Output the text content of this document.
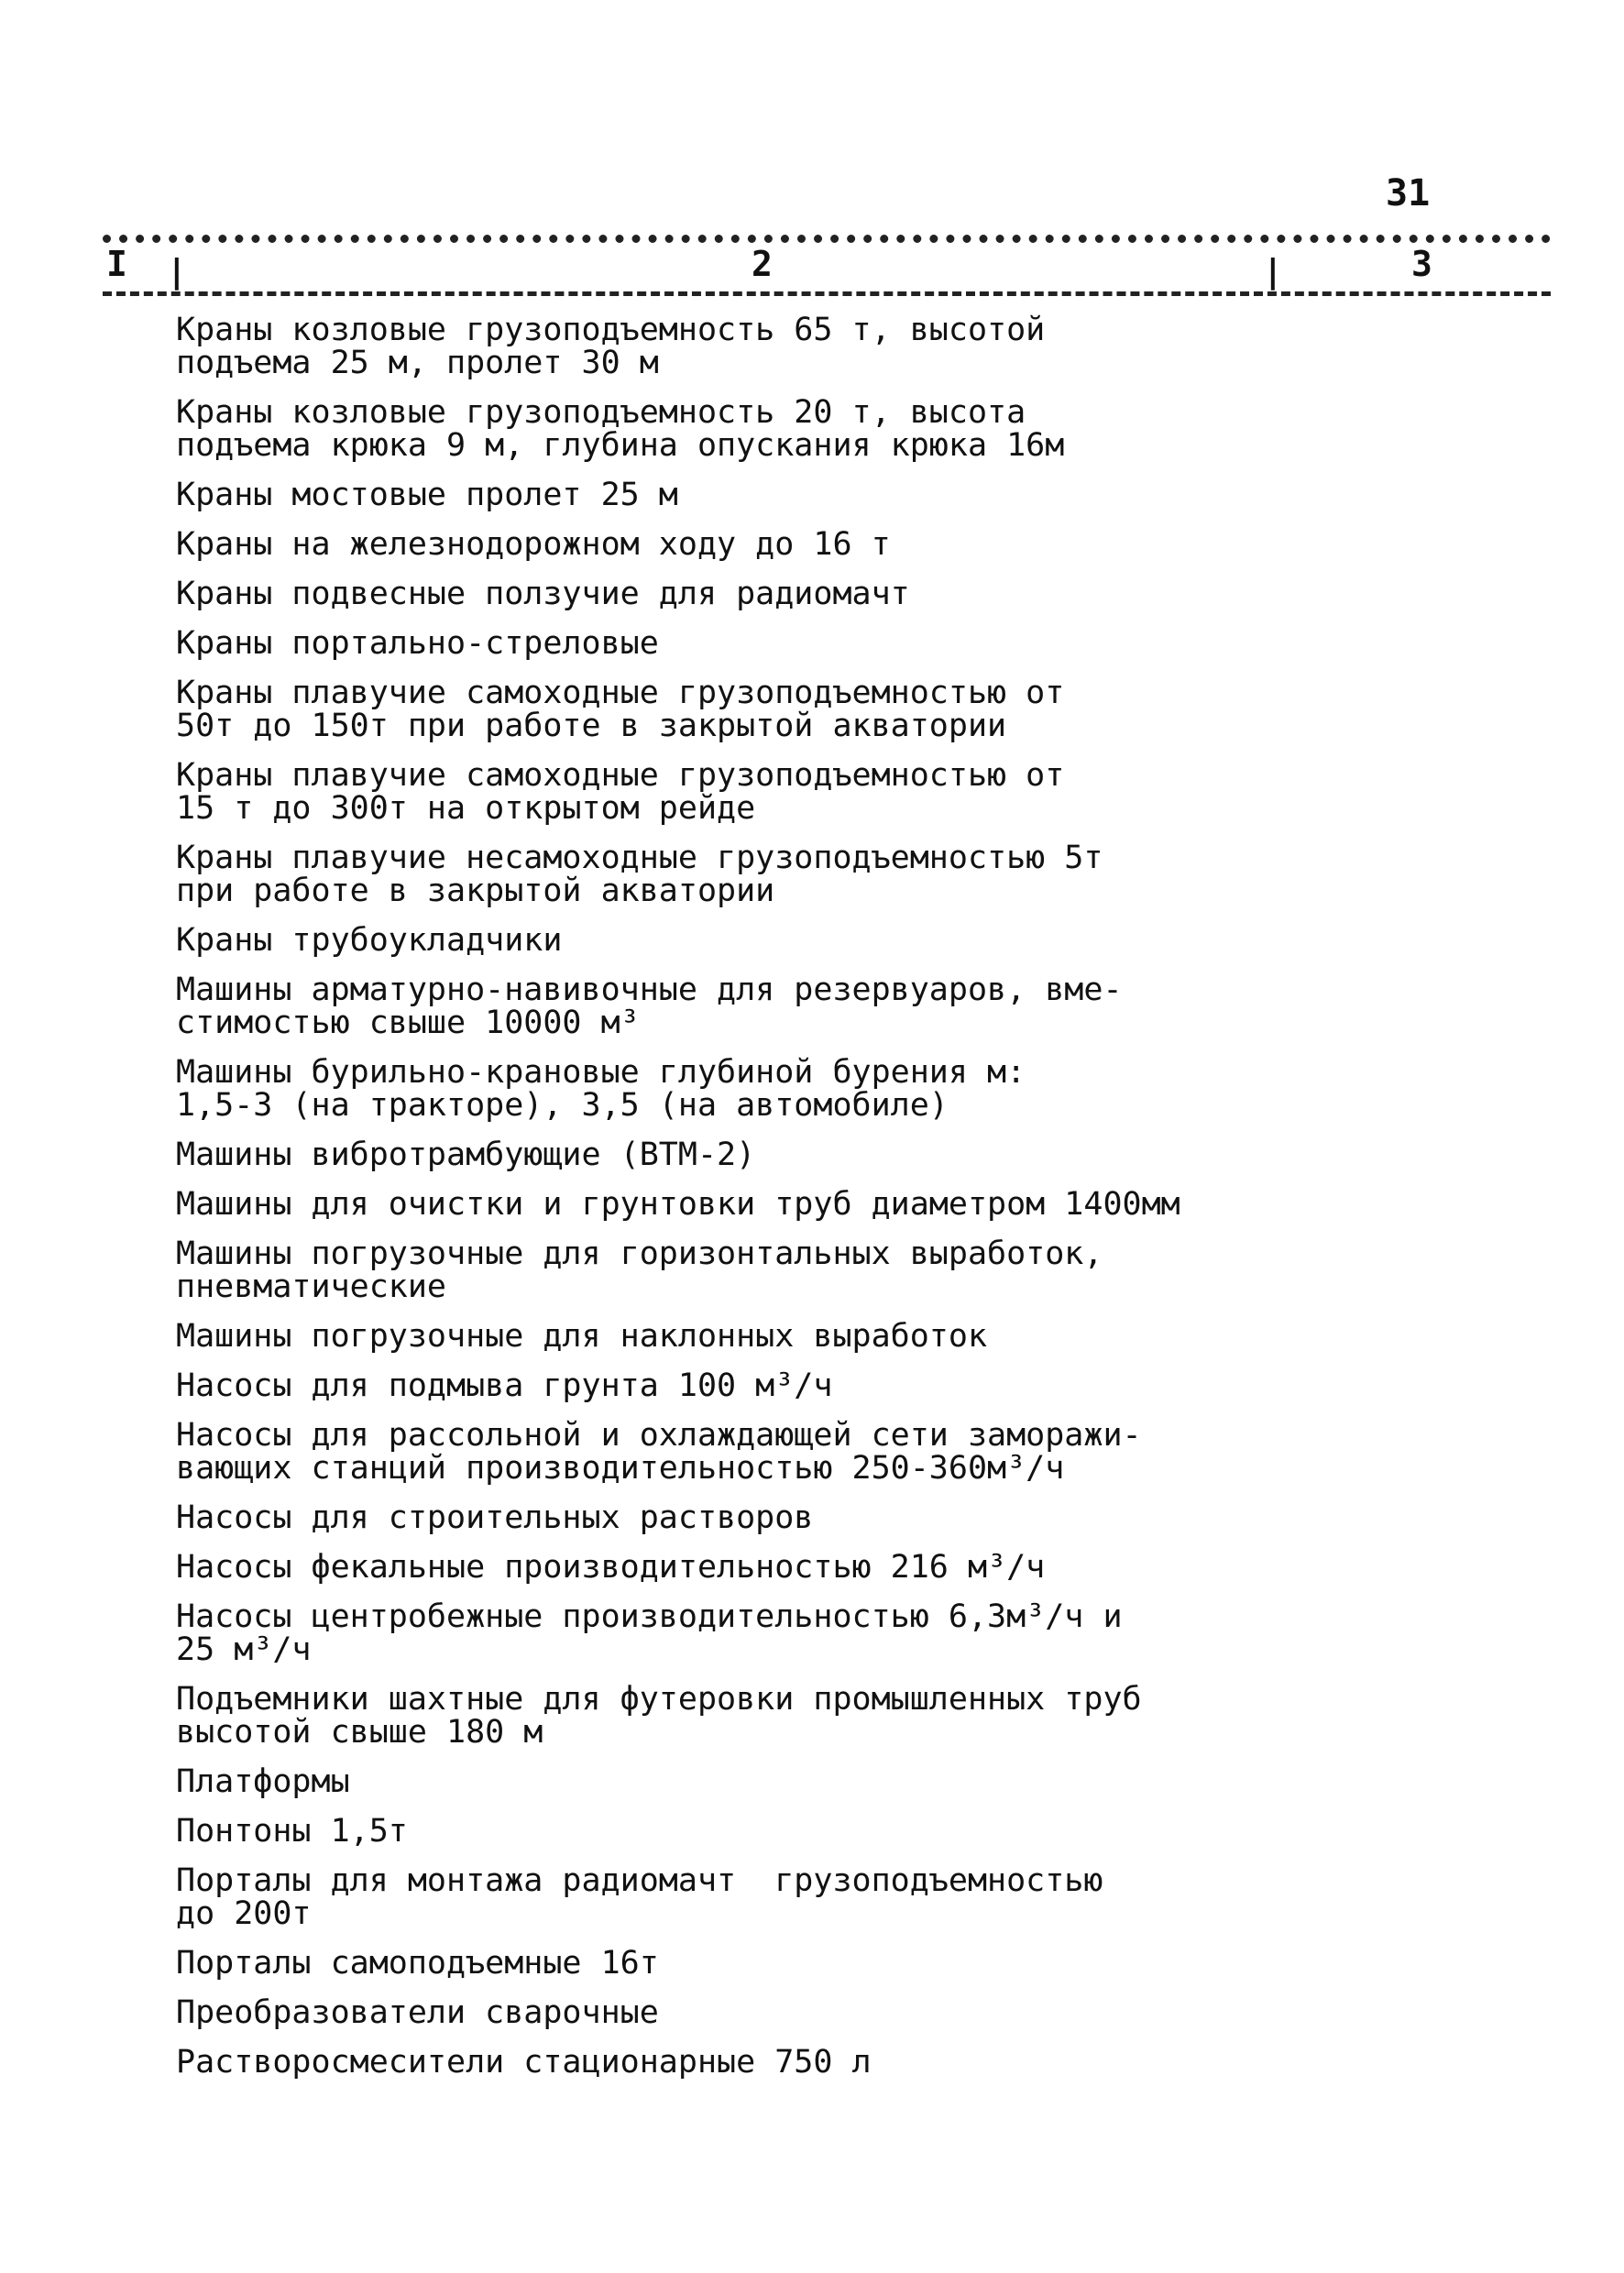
31
I |	2	|	3
Краны козловые грузоподъемность 65 т, высотой
подъема 25 м, пролет 30 м
Краны козловые грузоподъемность 20 т, высота
подъема крюка 9 м, глубина опускания крюка 16м
Краны мостовые пролет 25 м
Краны на железнодорожном ходу до 16 т
Краны подвесные ползучие для радиомачт
Краны портально-стреловые
Краны плавучие самоходные грузоподъемностью от
50т до 150т при работе в закрытой акватории
Краны плавучие самоходные грузоподъемностью от
15 т до 300т на открытом рейде
Краны плавучие несамоходные грузоподъемностью 5т
при работе в закрытой акватории
Краны трубоукладчики
Машины арматурно-навивочные для резервуаров, вме-
стимостью свыше 10000 м³
Машины бурильно-крановые глубиной бурения м:
1,5-3 (на тракторе), 3,5 (на автомобиле)
Машины вибротрамбующие (ВТМ-2)
Машины для очистки и грунтовки труб диаметром 1400мм
Машины погрузочные для горизонтальных выработок,
пневматические
Машины погрузочные для наклонных выработок
Насосы для подмыва грунта 100 м³/ч
Насосы для рассольной и охлаждающей сети заморажи-
вающих станций производительностью 250-360м³/ч
Насосы для строительных растворов
Насосы фекальные производительностью 216 м³/ч
Насосы центробежные производительностью 6,3м³/ч и
25 м³/ч
Подъемники шахтные для футеровки промышленных труб
высотой свыше 180 м
Платформы
Понтоны 1,5т
Порталы для монтажа радиомачт  грузоподъемностью
до 200т
Порталы самоподъемные 16т
Преобразователи сварочные
Растворосмесители стационарные 750 л
